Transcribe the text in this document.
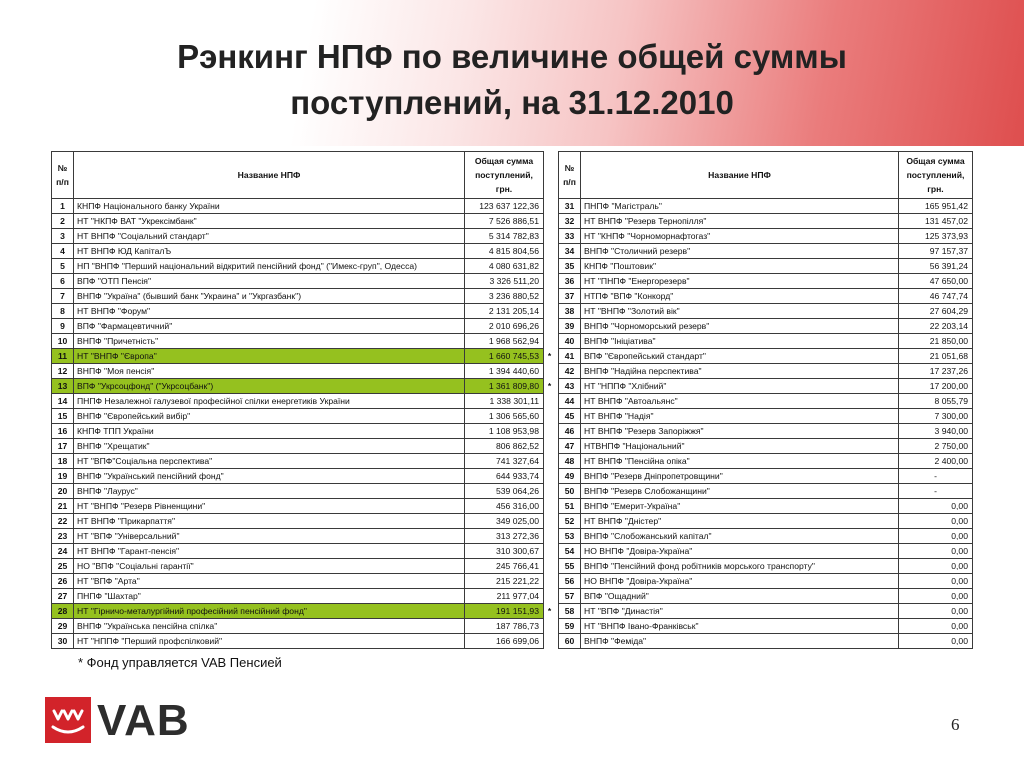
Рэнкинг НПФ по величине общей суммы
поступлений, на 31.12.2010
№ п/п	Название НПФ	Общая сумма поступлений, грн.	
1	КНПФ Національного банку України	123 637 122,36	
2	НТ "НКПФ ВАТ "Укрексімбанк"	7 526 886,51	
3	НТ ВНПФ "Соціальний стандарт"	5 314 782,83	
4	НТ ВНПФ ЮД КапіталЪ	4 815 804,56	
5	НП "ВНПФ "Перший національний відкритий пенсійний фонд" ("Имекс-груп", Одесса)	4 080 631,82	
6	ВПФ "ОТП Пенсія"	3 326 511,20	
7	ВНПФ "Україна" (бывший банк "Украина" и "Укргазбанк")	3 236 880,52	
8	НТ ВНПФ "Форум"	2 131 205,14	
9	ВПФ "Фармацевтичний"	2 010 696,26	
10	ВНПФ "Причетність"	1 968 562,94	
11	НТ "ВНПФ "Європа"	1 660 745,53	*
12	ВНПФ "Моя пенсія"	1 394 440,60	
13	ВПФ "Укрсоцфонд" ("Укрсоцбанк")	1 361 809,80	*
14	ПНПФ Незалежної галузевої професійної спілки енергетиків України	1 338 301,11	
15	ВНПФ "Європейський вибір"	1 306 565,60	
16	КНПФ ТПП України	1 108 953,98	
17	ВНПФ "Хрещатик"	806 862,52	
18	НТ "ВПФ"Соціальна перспектива"	741 327,64	
19	ВНПФ "Український пенсійний фонд"	644 933,74	
20	ВНПФ "Лаурус"	539 064,26	
21	НТ "ВНПФ "Резерв Рівненщини"	456 316,00	
22	НТ ВНПФ "Прикарпаття"	349 025,00	
23	НТ "ВПФ "Універсальний"	313 272,36	
24	НТ ВНПФ "Гарант-пенсія"	310 300,67	
25	НО "ВПФ "Соціальні гарантії"	245 766,41	
26	НТ "ВПФ "Арта"	215 221,22	
27	ПНПФ "Шахтар"	211 977,04	
28	НТ "Гірничо-металургійний професійний пенсійний фонд"	191 151,93	*
29	ВНПФ "Українська пенсійна спілка"	187 786,73	
30	НТ "НППФ "Перший профспілковий"	166 699,06	
№ п/п	Название НПФ	Общая сумма поступлений, грн.
31	ПНПФ "Магістраль"	165 951,42
32	НТ ВНПФ "Резерв Тернопілля"	131 457,02
33	НТ "КНПФ "Чорноморнафтогаз"	125 373,93
34	ВНПФ "Столичний резерв"	97 157,37
35	КНПФ "Поштовик"	56 391,24
36	НТ "ПНПФ "Енергорезерв"	47 650,00
37	НТПФ "ВПФ "Конкорд"	46 747,74
38	НТ "ВНПФ "Золотий вік"	27 604,29
39	ВНПФ "Чорноморський резерв"	22 203,14
40	ВНПФ "Ініціатива"	21 850,00
41	ВПФ "Європейський стандарт"	21 051,68
42	ВНПФ "Надійна перспектива"	17 237,26
43	НТ "НППФ "Хлібний"	17 200,00
44	НТ ВНПФ "Автоальянс"	8 055,79
45	НТ ВНПФ "Надія"	7 300,00
46	НТ ВНПФ "Резерв Запоріжжя"	3 940,00
47	НТВНПФ "Національний"	2 750,00
48	НТ ВНПФ "Пенсійна опіка"	2 400,00
49	ВНПФ "Резерв Дніпропетровщини"	-
50	ВНПФ "Резерв Слобожанщини"	-
51	ВНПФ "Емерит-Україна"	0,00
52	НТ ВНПФ "Дністер"	0,00
53	ВНПФ "Слобожанський капітал"	0,00
54	НО ВНПФ "Довіра-Україна"	0,00
55	ВНПФ "Пенсійний фонд робітників морського транспорту"	0,00
56	НО ВНПФ "Довіра-Україна"	0,00
57	ВПФ "Ощадний"	0,00
58	НТ "ВПФ "Династія"	0,00
59	НТ "ВНПФ Івано-Франківськ"	0,00
60	ВНПФ "Феміда"	0,00
* Фонд управляется VAB Пенсией
VAB	6
